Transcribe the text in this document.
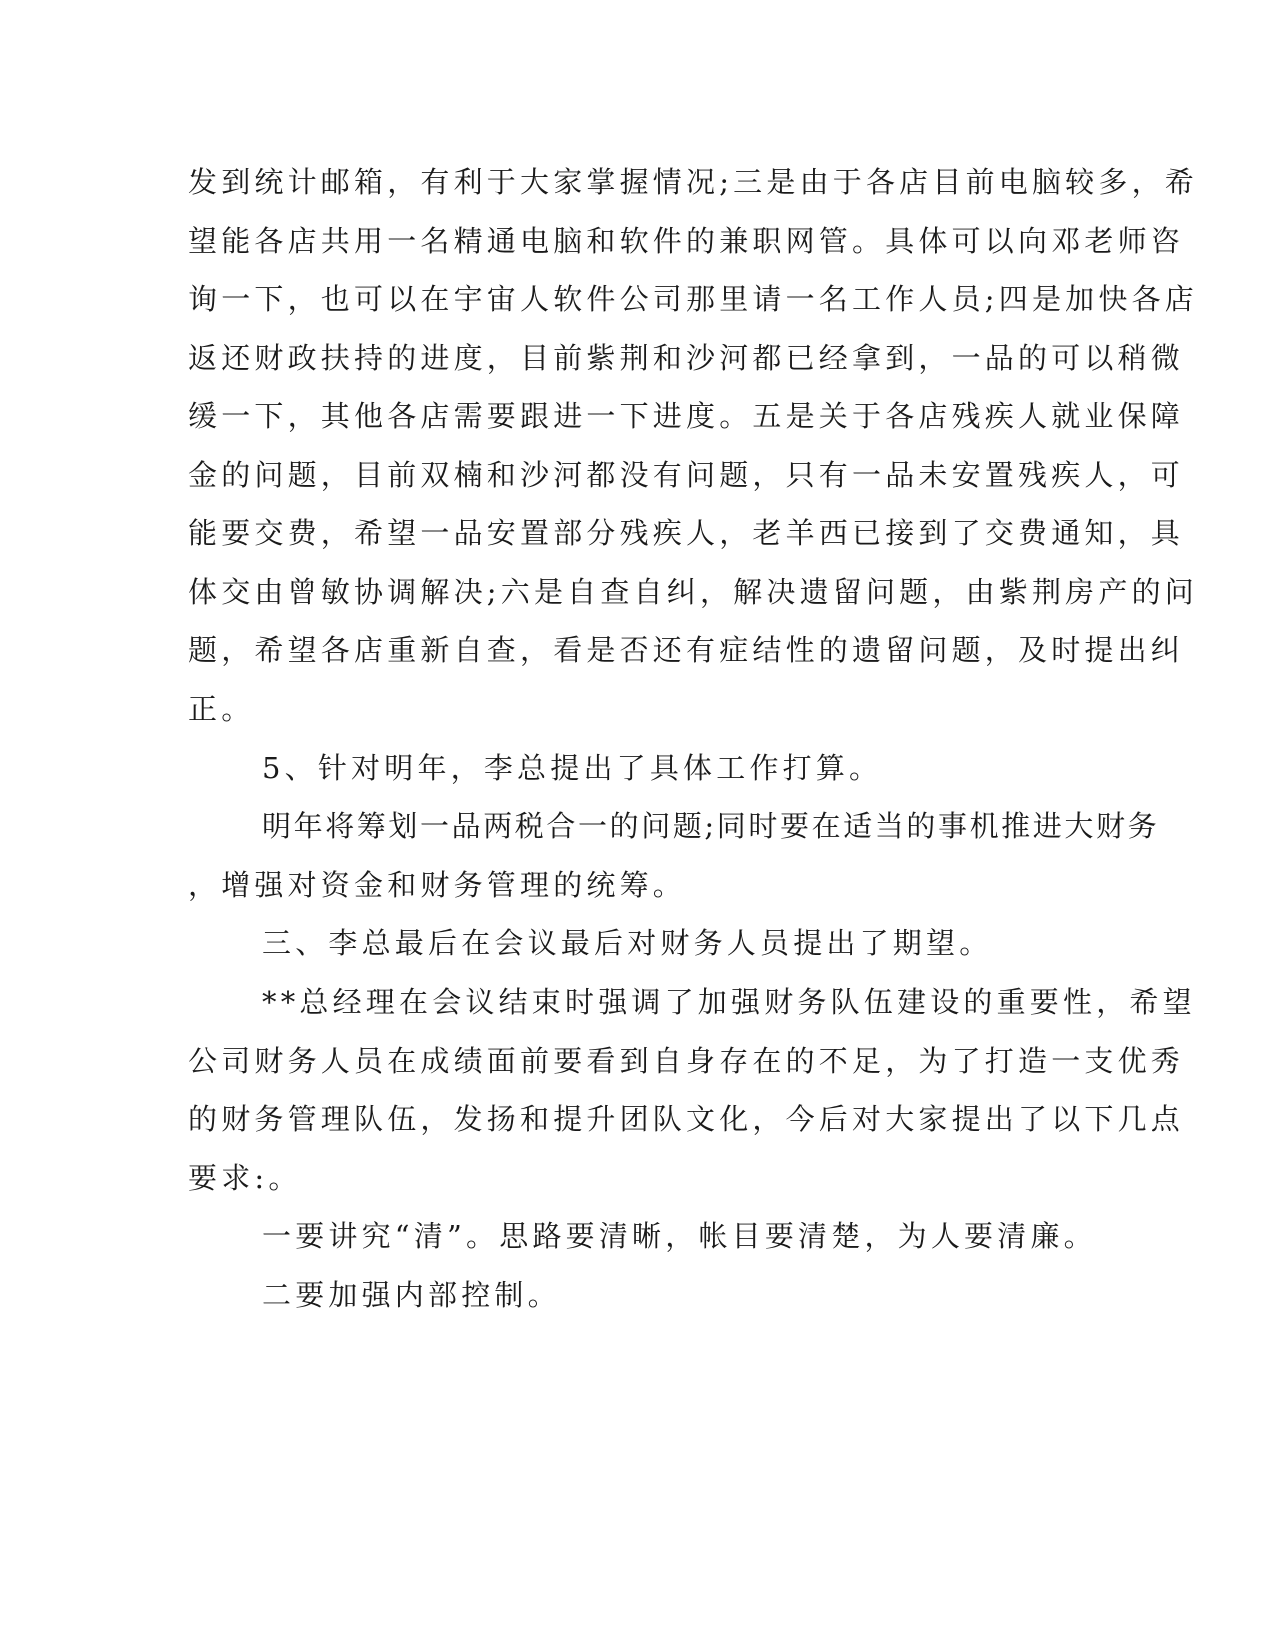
发到统计邮箱，有利于大家掌握情况;三是由于各店目前电脑较多，希

望能各店共用一名精通电脑和软件的兼职网管。具体可以向邓老师咨

询一下，也可以在宇宙人软件公司那里请一名工作人员;四是加快各店

返还财政扶持的进度，目前紫荆和沙河都已经拿到，一品的可以稍微

缓一下，其他各店需要跟进一下进度。五是关于各店残疾人就业保障

金的问题，目前双楠和沙河都没有问题，只有一品未安置残疾人，可

能要交费，希望一品安置部分残疾人，老羊西已接到了交费通知，具

体交由曾敏协调解决;六是自查自纠，解决遗留问题，由紫荆房产的问

题，希望各店重新自查，看是否还有症结性的遗留问题，及时提出纠

正。

5、针对明年，李总提出了具体工作打算。

明年将筹划一品两税合一的问题;同时要在适当的事机推进大财务

，增强对资金和财务管理的统筹。

三、李总最后在会议最后对财务人员提出了期望。

**总经理在会议结束时强调了加强财务队伍建设的重要性，希望

公司财务人员在成绩面前要看到自身存在的不足，为了打造一支优秀

的财务管理队伍，发扬和提升团队文化，今后对大家提出了以下几点

要求:。

一要讲究“清”。思路要清晰，帐目要清楚，为人要清廉。

二要加强内部控制。
